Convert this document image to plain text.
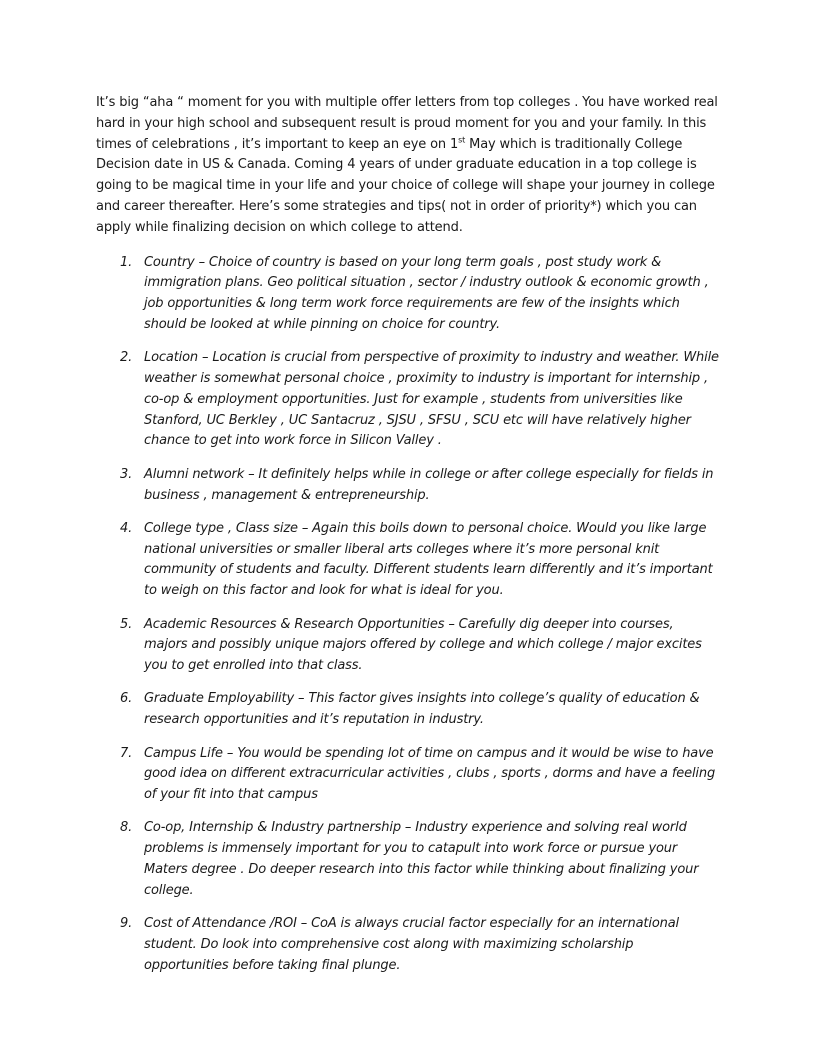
It’s big “aha “ moment for you with multiple offer letters from top colleges . You have worked real hard in your high school and subsequent result is proud moment for you and your family. In this times of celebrations , it’s important to keep an eye on 1st May which is traditionally College Decision date in US & Canada. Coming 4 years of under graduate education in a top college is going to be magical time in your life and your choice of college will shape your journey in college and career thereafter. Here’s some strategies and tips( not in order of priority*) which you can apply while finalizing decision on which college to attend.

1. Country – Choice of country is based on your long term goals , post study work & immigration plans. Geo political situation , sector / industry outlook & economic growth , job opportunities & long term work force requirements are few of the insights which should be looked at while pinning on choice for country.
2. Location – Location is crucial from perspective of proximity to industry and weather. While weather is somewhat personal choice , proximity to industry is important for internship , co-op & employment opportunities. Just for example , students from universities like Stanford, UC Berkley , UC Santacruz , SJSU , SFSU , SCU etc will have relatively higher chance to get into work force in Silicon Valley .
3. Alumni network – It definitely helps while in college or after college especially for fields in business , management & entrepreneurship.
4. College type , Class size – Again this boils down to personal choice. Would you like large national universities or smaller liberal arts colleges where it’s more personal knit community of students and faculty. Different students learn differently and it’s important to weigh on this factor and look for what is ideal for you.
5. Academic Resources & Research Opportunities – Carefully dig deeper into courses, majors and possibly unique majors offered by college and which college / major excites you to get enrolled into that class.
6. Graduate Employability – This factor gives insights into college’s quality of education & research opportunities and it’s reputation in industry.
7. Campus Life – You would be spending lot of time on campus and it would be wise to have good idea on different extracurricular activities , clubs , sports , dorms and have a feeling of your fit into that campus
8. Co-op, Internship & Industry partnership – Industry experience and solving real world problems is immensely important for you to catapult into work force or pursue your Maters degree . Do deeper research into this factor while thinking about finalizing your college.
9. Cost of Attendance /ROI – CoA is always crucial factor especially for an international student. Do look into comprehensive cost along with maximizing scholarship opportunities before taking final plunge.
